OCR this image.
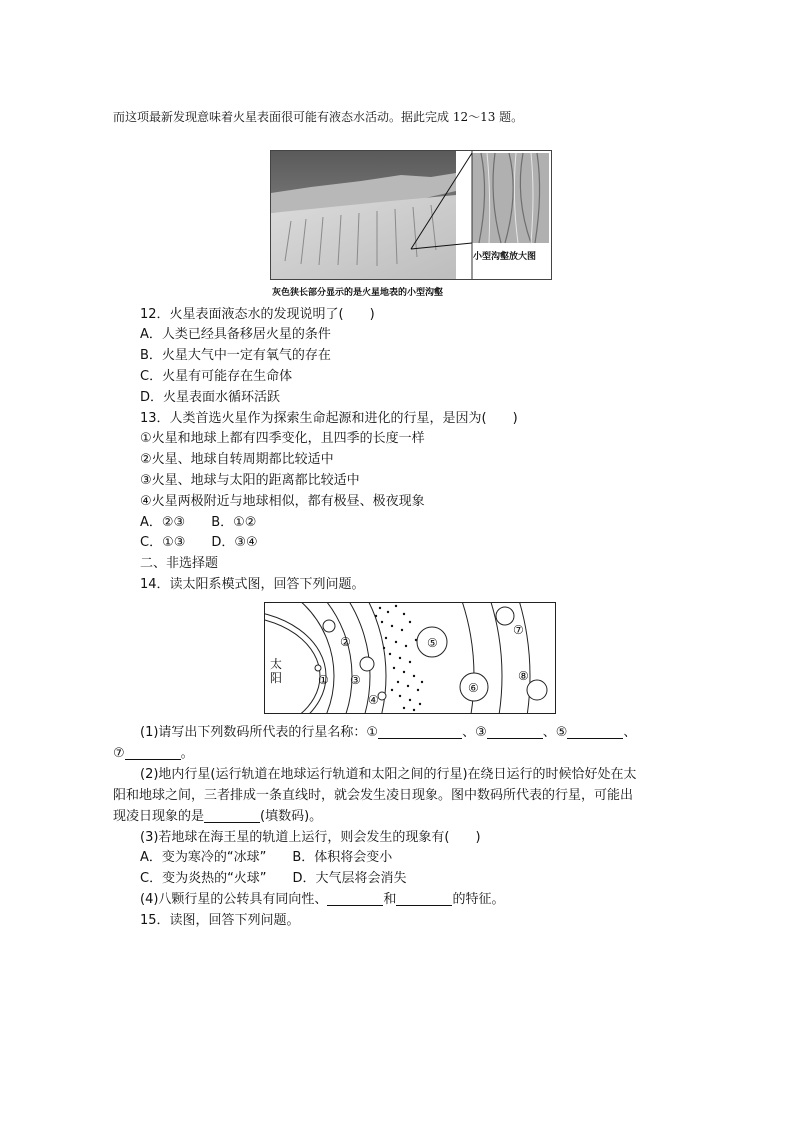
而这项最新发现意味着火星表面很可能有液态水活动。据此完成 12～13 题。
小型沟壑放大图
灰色狭长部分显示的是火星地表的小型沟壑
12．火星表面液态水的发现说明了(　　)
A．人类已经具备移居火星的条件
B．火星大气中一定有氧气的存在
C．火星有可能存在生命体
D．火星表面水循环活跃
13．人类首选火星作为探索生命起源和进化的行星，是因为(　　)
①火星和地球上都有四季变化，且四季的长度一样
②火星、地球自转周期都比较适中
③火星、地球与太阳的距离都比较适中
④火星两极附近与地球相似，都有极昼、极夜现象
A．②③　　B．①②
C．①③　　D．③④
二、非选择题
14．读太阳系模式图，回答下列问题。
太
阳	①
②
③
④
⑤
⑥
⑦
⑧
(1)请写出下列数码所代表的行星名称：①	、③	、⑤	、
⑦	。
(2)地内行星(运行轨道在地球运行轨道和太阳之间的行星)在绕日运行的时候恰好处在太
阳和地球之间，三者排成一条直线时，就会发生凌日现象。图中数码所代表的行星，可能出
现凌日现象的是	(填数码)。
(3)若地球在海王星的轨道上运行，则会发生的现象有(　　)
A．变为寒冷的“冰球”　　B．体积将会变小
C．变为炎热的“火球”　　D．大气层将会消失
(4)八颗行星的公转具有同向性、	和	的特征。
15．读图，回答下列问题。
